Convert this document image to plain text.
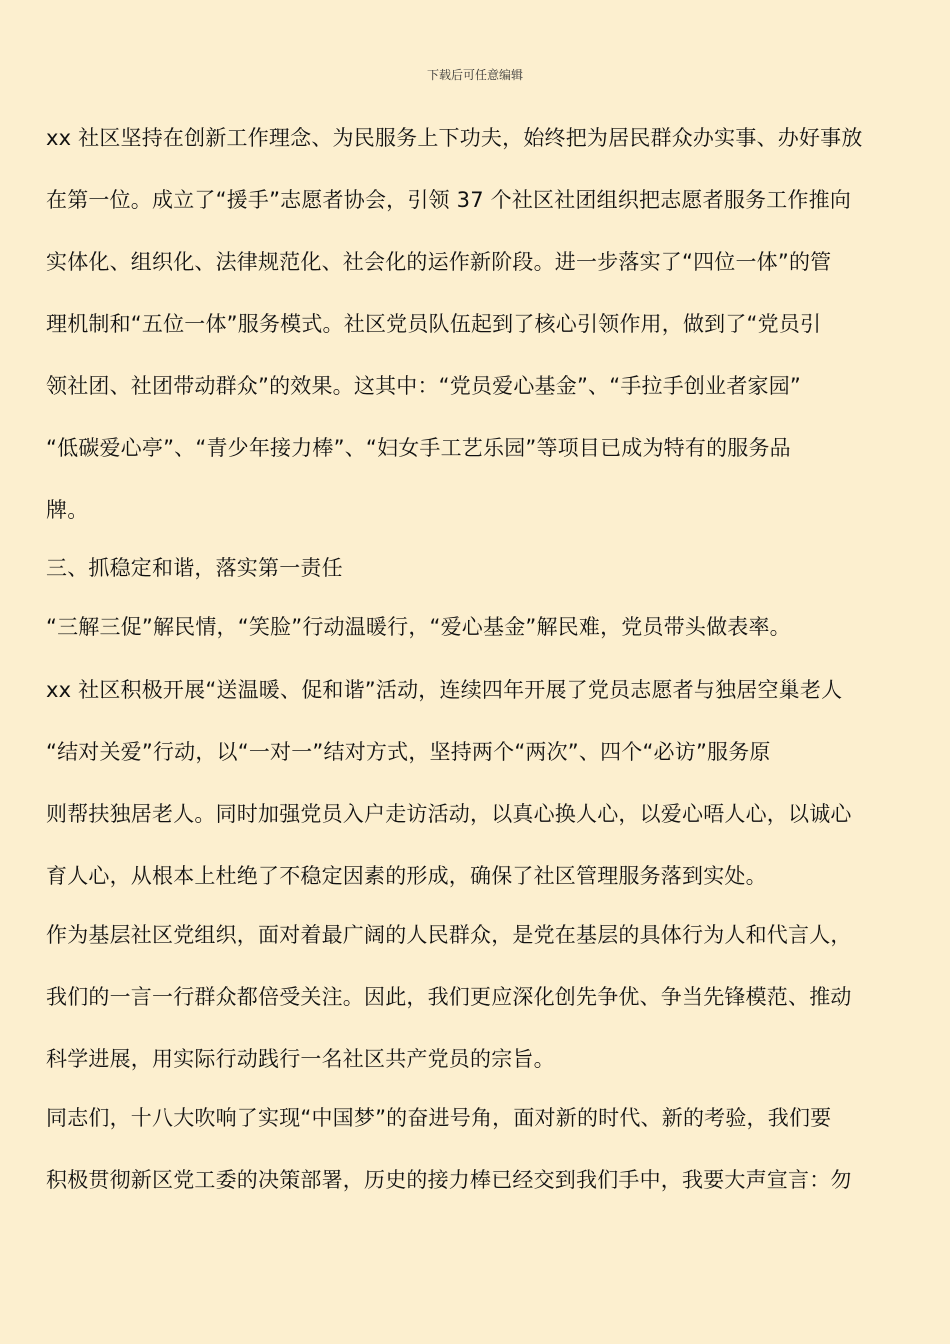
下载后可任意编辑
xx 社区坚持在创新工作理念、为民服务上下功夫，始终把为居民群众办实事、办好事放
在第一位。成立了“援手”志愿者协会，引领 37 个社区社团组织把志愿者服务工作推向
实体化、组织化、法律规范化、社会化的运作新阶段。进一步落实了“四位一体”的管
理机制和“五位一体”服务模式。社区党员队伍起到了核心引领作用，做到了“党员引
领社团、社团带动群众”的效果。这其中：“党员爱心基金”、“手拉手创业者家园”
“低碳爱心亭”、“青少年接力棒”、“妇女手工艺乐园”等项目已成为特有的服务品
牌。
三、抓稳定和谐，落实第一责任
“三解三促”解民情，“笑脸”行动温暖行，“爱心基金”解民难，党员带头做表率。
xx 社区积极开展“送温暖、促和谐”活动，连续四年开展了党员志愿者与独居空巢老人
“结对关爱”行动，以“一对一”结对方式，坚持两个“两次”、四个“必访”服务原
则帮扶独居老人。同时加强党员入户走访活动，以真心换人心，以爱心唔人心，以诚心
育人心，从根本上杜绝了不稳定因素的形成，确保了社区管理服务落到实处。
作为基层社区党组织，面对着最广阔的人民群众，是党在基层的具体行为人和代言人，
我们的一言一行群众都倍受关注。因此，我们更应深化创先争优、争当先锋模范、推动
科学进展，用实际行动践行一名社区共产党员的宗旨。
同志们，十八大吹响了实现“中国梦”的奋进号角，面对新的时代、新的考验，我们要
积极贯彻新区党工委的决策部署，历史的接力棒已经交到我们手中，我要大声宣言：勿
